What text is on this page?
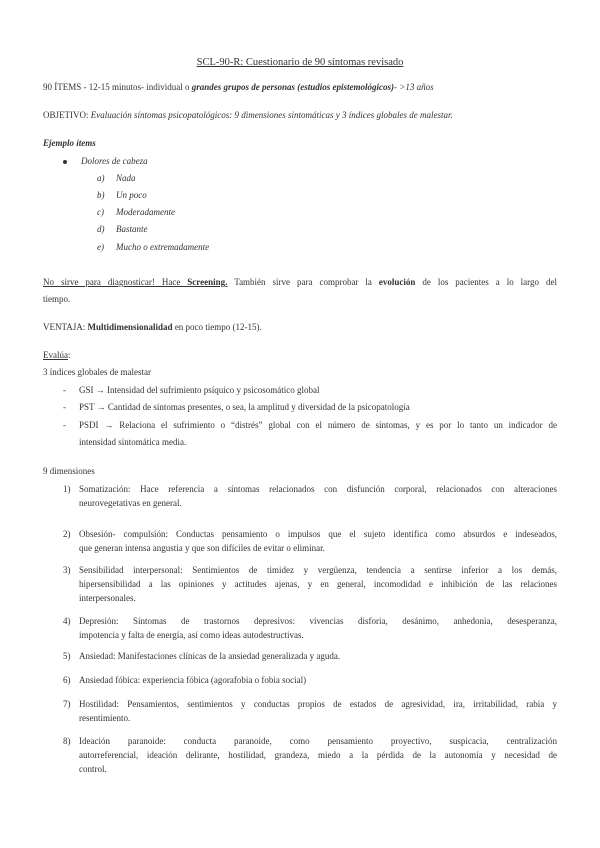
SCL-90-R: Cuestionario de 90 síntomas revisado
90 ÍTEMS - 12-15 minutos- individual o grandes grupos de personas (estudios epistemológicos)- >13 años
OBJETIVO: Evaluación síntomas psicopatológicos: 9 dimensiones sintomáticas y 3 índices globales de malestar.
Ejemplo ítems
Dolores de cabeza
a) Nada
b) Un poco
c) Moderadamente
d) Bastante
e) Mucho o extremadamente
No sirve para diagnosticar! Hace Screening. También sirve para comprobar la evolución de los pacientes a lo largo del
tiempo.
VENTAJA: Multidimensionalidad en poco tiempo (12-15).
Evalúa:
3 índices globales de malestar
- GSI → Intensidad del sufrimiento psíquico y psicosomático global
- PST → Cantidad de síntomas presentes, o sea, la amplitud y diversidad de la psicopatología
- PSDI → Relaciona el sufrimiento o “distrés” global con el número de síntomas, y es por lo tanto un indicador de
intensidad sintomática media.
9 dimensiones
1) Somatización: Hace referencia a síntomas relacionados con disfunción corporal, relacionados con alteraciones
neurovegetativas en general.
2) Obsesión- compulsión: Conductas pensamiento o impulsos que el sujeto identifica como absurdos e indeseados,
que generan intensa angustia y que son difíciles de evitar o eliminar.
3) Sensibilidad interpersonal: Sentimientos de timidez y vergüenza, tendencia a sentirse inferior a los demás,
hipersensibilidad a las opiniones y actitudes ajenas, y en general, incomodidad e inhibición de las relaciones
interpersonales.
4) Depresión: Síntomas de trastornos depresivos: vivencias disforia, desánimo, anhedonia, desesperanza,
impotencia y falta de energía, así como ideas autodestructivas.
5) Ansiedad: Manifestaciones clínicas de la ansiedad generalizada y aguda.
6) Ansiedad fóbica: experiencia fóbica (agorafobia o fobia social)
7) Hostilidad: Pensamientos, sentimientos y conductas propios de estados de agresividad, ira, irritabilidad, rabia y
resentimiento.
8) Ideación paranoide: conducta paranoide, como pensamiento proyectivo, suspicacia, centralización
autorreferencial, ideación delirante, hostilidad, grandeza, miedo a la pérdida de la autonomía y necesidad de
control.
